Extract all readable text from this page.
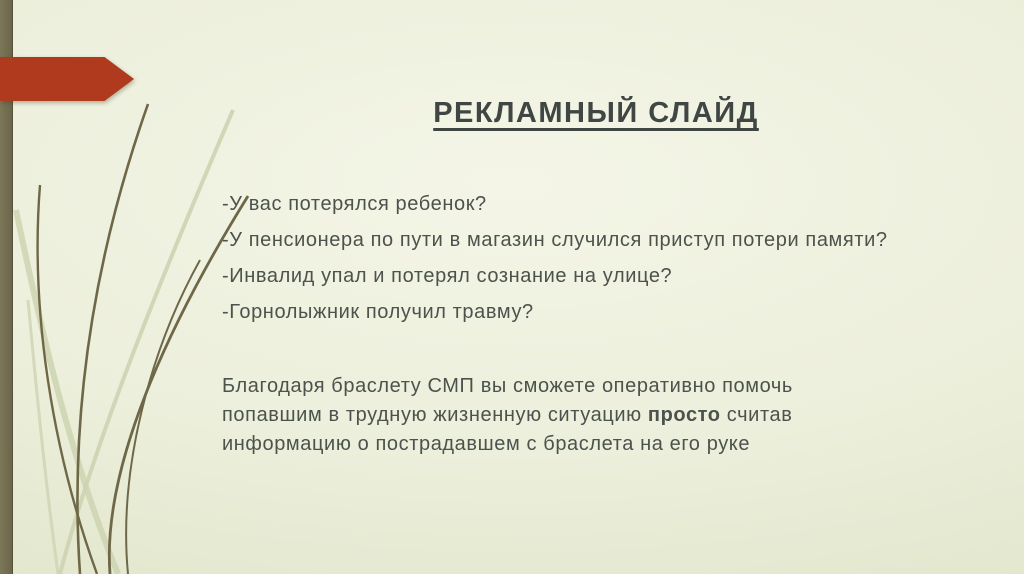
РЕКЛАМНЫЙ СЛАЙД

-У вас потерялся ребенок?

-У пенсионера по пути в магазин случился приступ потери памяти?

-Инвалид упал и потерял сознание на улице?

-Горнолыжник получил травму?

Благодаря браслету СМП вы сможете оперативно помочь
попавшим в трудную жизненную ситуацию просто считав
информацию о пострадавшем с браслета на его руке
